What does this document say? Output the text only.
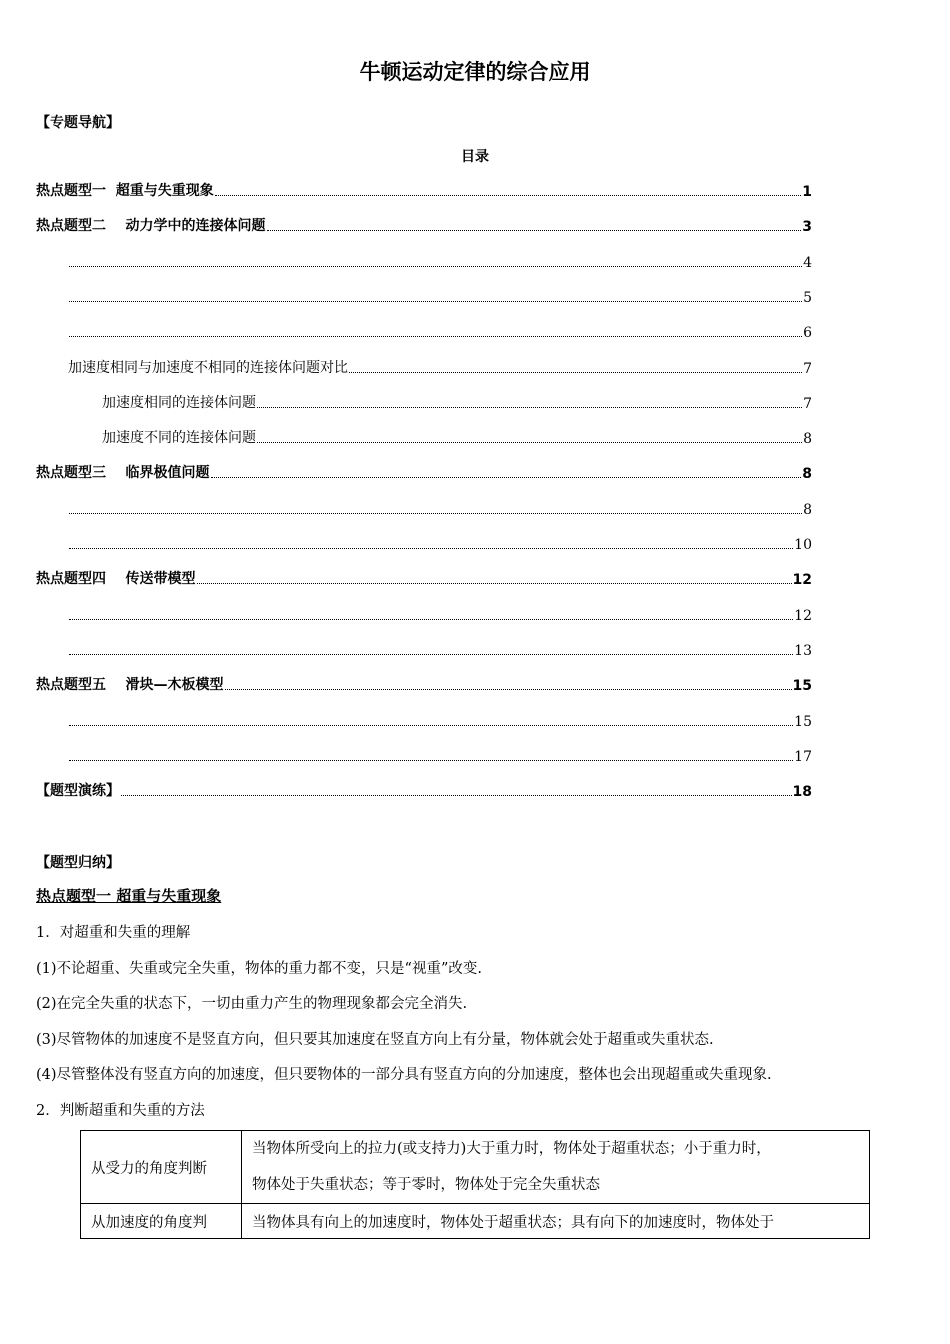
牛顿运动定律的综合应用
【专题导航】
目录
热点题型一  超重与失重现象	1
热点题型二    动力学中的连接体问题	3
4
5
6
加速度相同与加速度不相同的连接体问题对比	7
加速度相同的连接体问题	7
加速度不同的连接体问题	8
热点题型三    临界极值问题	8
8
10
热点题型四    传送带模型	12
12
13
热点题型五    滑块—木板模型	15
15
17
【题型演练】	18
【题型归纳】
热点题型一 超重与失重现象
1．对超重和失重的理解
(1)不论超重、失重或完全失重，物体的重力都不变，只是“视重”改变.
(2)在完全失重的状态下，一切由重力产生的物理现象都会完全消失.
(3)尽管物体的加速度不是竖直方向，但只要其加速度在竖直方向上有分量，物体就会处于超重或失重状态.
(4)尽管整体没有竖直方向的加速度，但只要物体的一部分具有竖直方向的分加速度，整体也会出现超重或失重现象.
2．判断超重和失重的方法
从受力的角度判断	当物体所受向上的拉力(或支持力)大于重力时，物体处于超重状态；小于重力时，
物体处于失重状态；等于零时，物体处于完全失重状态

从加速度的角度判	当物体具有向上的加速度时，物体处于超重状态；具有向下的加速度时，物体处于
